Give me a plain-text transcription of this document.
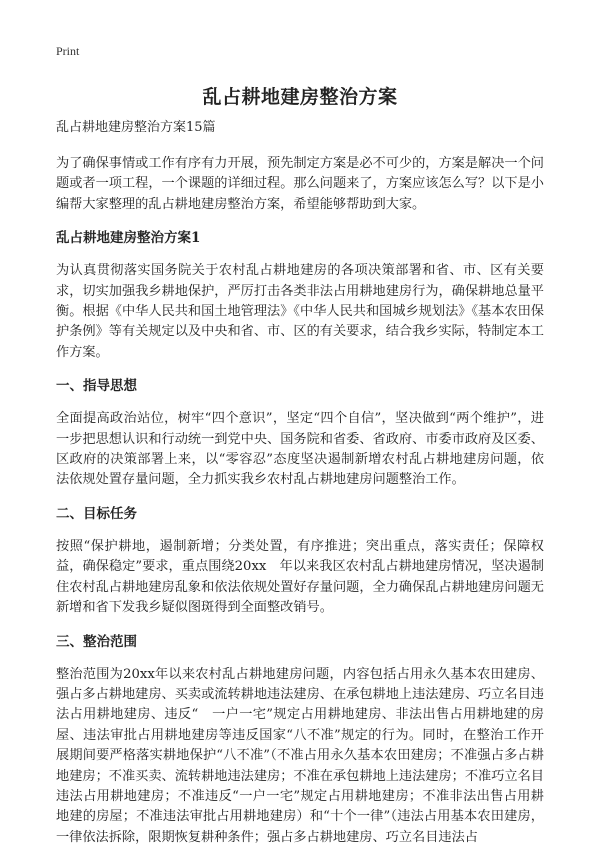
Print
乱占耕地建房整治方案
乱占耕地建房整治方案15篇

为了确保事情或工作有序有力开展，预先制定方案是必不可少的，方案是解决一个问题或者一项工程，一个课题的详细过程。那么问题来了，方案应该怎么写？以下是小编帮大家整理的乱占耕地建房整治方案，希望能够帮助到大家。

乱占耕地建房整治方案1

为认真贯彻落实国务院关于农村乱占耕地建房的各项决策部署和省、市、区有关要求，切实加强我乡耕地保护，严厉打击各类非法占用耕地建房行为，确保耕地总量平衡。根据《中华人民共和国土地管理法》《中华人民共和国城乡规划法》《基本农田保护条例》等有关规定以及中央和省、市、区的有关要求，结合我乡实际，特制定本工作方案。

一、指导思想

全面提高政治站位，树牢“四个意识”，坚定“四个自信”，坚决做到“两个维护”，进一步把思想认识和行动统一到党中央、国务院和省委、省政府、市委市政府及区委、区政府的决策部署上来，以“零容忍”态度坚决遏制新增农村乱占耕地建房问题，依法依规处置存量问题，全力抓实我乡农村乱占耕地建房问题整治工作。

二、目标任务

按照“保护耕地，遏制新增；分类处置，有序推进；突出重点，落实责任；保障权益，确保稳定”要求，重点围绕20xx　年以来我区农村乱占耕地建房情况，坚决遏制住农村乱占耕地建房乱象和依法依规处置好存量问题，全力确保乱占耕地建房问题无新增和省下发我乡疑似图斑得到全面整改销号。

三、整治范围

整治范围为20xx年以来农村乱占耕地建房问题，内容包括占用永久基本农田建房、强占多占耕地建房、买卖或流转耕地违法建房、在承包耕地上违法建房、巧立名目违法占用耕地建房、违反“　一户一宅”规定占用耕地建房、非法出售占用耕地建的房屋、违法审批占用耕地建房等违反国家“八不准”规定的行为。同时，在整治工作开展期间要严格落实耕地保护“八不准”（不准占用永久基本农田建房；不准强占多占耕地建房；不准买卖、流转耕地违法建房；不准在承包耕地上违法建房；不准巧立名目违法占用耕地建房；不准违反“一户一宅”规定占用耕地建房；不准非法出售占用耕地建的房屋；不准违法审批占用耕地建房）和“十个一律”（违法占用基本农田建房，一律依法拆除，限期恢复耕种条件；强占多占耕地建房、巧立名目违法占
